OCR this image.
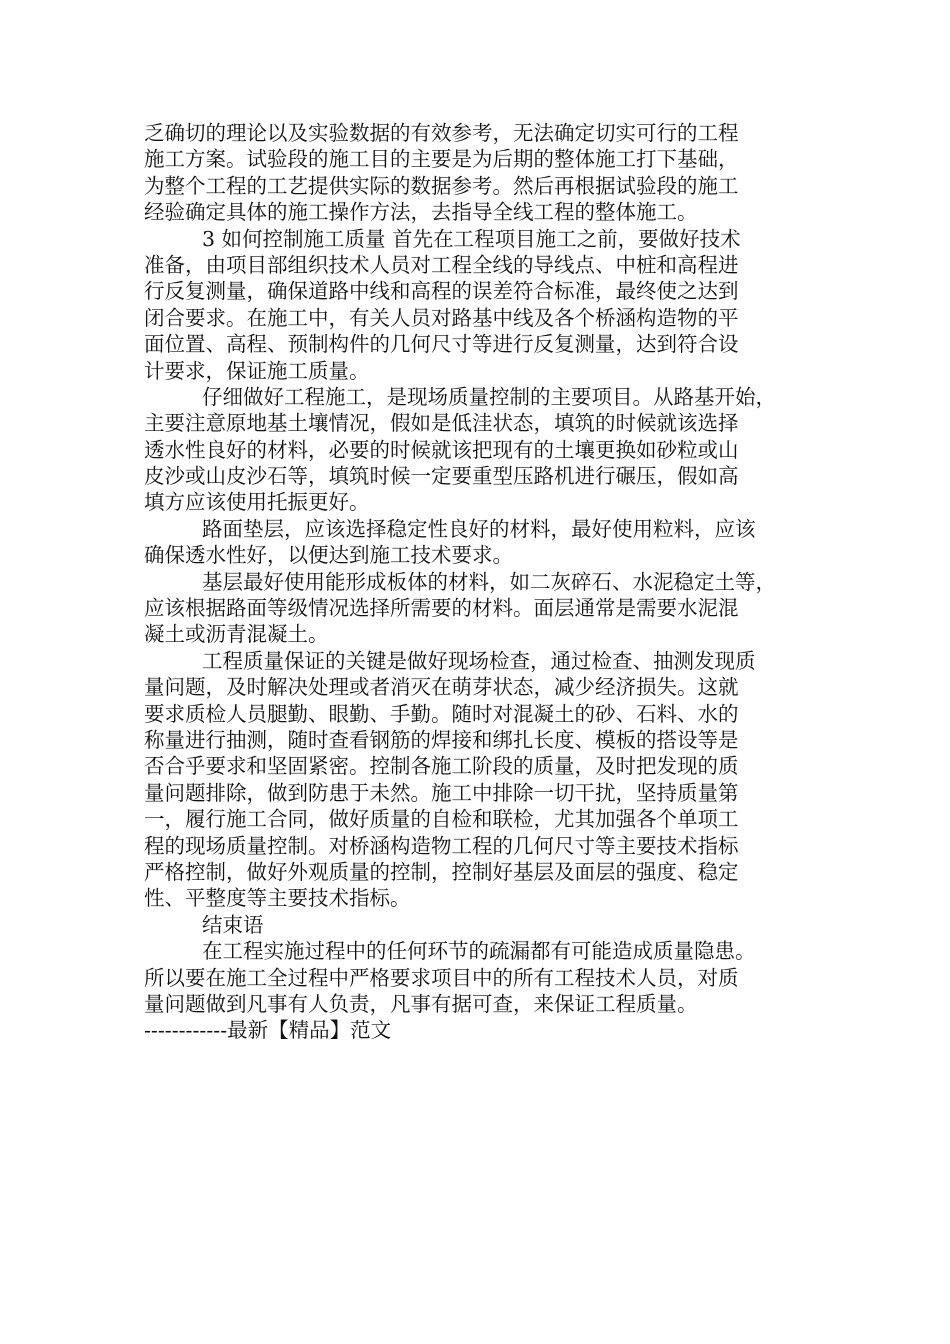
乏确切的理论以及实验数据的有效参考，无法确定切实可行的工程
施工方案。试验段的施工目的主要是为后期的整体施工打下基础，
为整个工程的工艺提供实际的数据参考。然后再根据试验段的施工
经验确定具体的施工操作方法，去指导全线工程的整体施工。
3 如何控制施工质量 首先在工程项目施工之前，要做好技术
准备，由项目部组织技术人员对工程全线的导线点、中桩和高程进
行反复测量，确保道路中线和高程的误差符合标准，最终使之达到
闭合要求。在施工中，有关人员对路基中线及各个桥涵构造物的平
面位置、高程、预制构件的几何尺寸等进行反复测量，达到符合设
计要求，保证施工质量。
仔细做好工程施工，是现场质量控制的主要项目。从路基开始，
主要注意原地基土壤情况，假如是低洼状态，填筑的时候就该选择
透水性良好的材料，必要的时候就该把现有的土壤更换如砂粒或山
皮沙或山皮沙石等，填筑时候一定要重型压路机进行碾压，假如高
填方应该使用托振更好。
路面垫层，应该选择稳定性良好的材料，最好使用粒料，应该
确保透水性好，以便达到施工技术要求。
基层最好使用能形成板体的材料，如二灰碎石、水泥稳定土等，
应该根据路面等级情况选择所需要的材料。面层通常是需要水泥混
凝土或沥青混凝土。
工程质量保证的关键是做好现场检查，通过检查、抽测发现质
量问题，及时解决处理或者消灭在萌芽状态，减少经济损失。这就
要求质检人员腿勤、眼勤、手勤。随时对混凝土的砂、石料、水的
称量进行抽测，随时查看钢筋的焊接和绑扎长度、模板的搭设等是
否合乎要求和坚固紧密。控制各施工阶段的质量，及时把发现的质
量问题排除，做到防患于未然。施工中排除一切干扰，坚持质量第
一，履行施工合同，做好质量的自检和联检，尤其加强各个单项工
程的现场质量控制。对桥涵构造物工程的几何尺寸等主要技术指标
严格控制，做好外观质量的控制，控制好基层及面层的强度、稳定
性、平整度等主要技术指标。
结束语
在工程实施过程中的任何环节的疏漏都有可能造成质量隐患。
所以要在施工全过程中严格要求项目中的所有工程技术人员，对质
量问题做到凡事有人负责，凡事有据可查，来保证工程质量。
------------最新【精品】范文
